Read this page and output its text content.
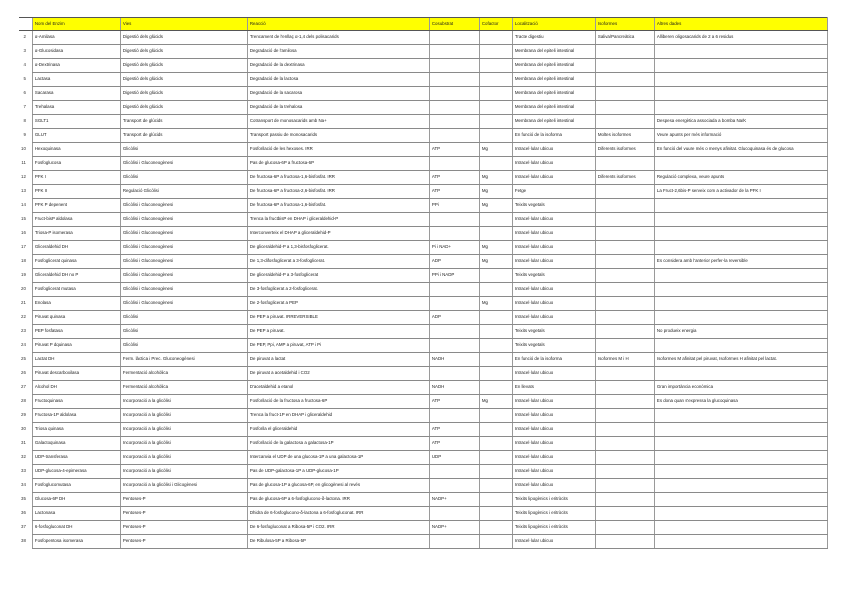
	Nom del Enzim	Vies	Reacció	Cosubstrat	Cofactor	Localització	Isoformes	Altres dades
2	α-Amilasa	Digestió dels glúcids	Trencament de l'enllaç α-1,4 dels polisacarids			Tracte digestiu	Saliva/Pancreàtica	Alliberen oligosacarids de 2 a 6 residus
3	α-Glucosidasa	Digestió dels glúcids	Degradació de l'amilosa			Membrana del epiteli intestinal		
4	α-Dextrinasa	Digestió dels glúcids	Degradació de la dextrinasa			Membrana del epiteli intestinal		
5	Lactasa	Digestió dels glúcids	Degradació de la lactosa			Membrana del epiteli intestinal		
6	Sacarasa	Digestió dels glúcids	Degradació de la sacarosa			Membrana del epiteli intestinal		
7	Trehalasa	Digestió dels glúcids	Degradació de la trehalosa			Membrana del epiteli intestinal		
8	SGLT1	Transport de glúcids	Cotransport de monosacarids amb Na+			Membrana del epiteli intestinal		Despesa energètica associada a bomba Na/K
9	GLUT	Transport de glúcids	Transport passiu de monosacarids			En funció de la isoforma	Moltes isoformes	Veure apunts per més informació
10	Hexoquinasa	Glicòlisi	Fosforilació de les hexoses. IRR	ATP	Mg	Intracel·lular ubicuo	Diferents isoformes	En funció del vuure més o menys afinitat. Glucoquinasa és de glucosa
11	Fosfoglucosa	Glicòlisi i Gluconeogènesi	Pas de glucosa-6P a fructosa-6P			Intracel·lular ubicuo		
12	PFK I	Glicòlisi	De fructosa-6P a fructosa-1,6-bisfosfat. IRR	ATP	Mg	Intracel·lular ubicuo	Diferents isoformes	Regulació complexa, veure apunts
13	PFK II	Regulació Glicòlisi	De fructosa-6P a fructosa-2,6-bisfosfat. IRR	ATP	Mg	Fetge		La Fruct-2,6bis-P serveix com a activador de la PFK I
14	PFK P depenent	Glicòlisi i Gluconeogènesi	De fructosa-6P a fructosa-1,6-bisfosfat.	PPi	Mg	Teixits vegetals		
15	Fruct-bisP aldolasa	Glicòlisi i Gluconeogènesi	Trenca la fructbisP en DHAP i gliceraldehid-P			Intracel·lular ubicuo		
16	Triosa-P isomerasa	Glicòlisi i Gluconeogènesi	Interconverteix el DHAP a gliceraldehid-P			Intracel·lular ubicuo		
17	Gliceraldehid DH	Glicòlisi i Gluconeogènesi	De gliceraldehid-P a 1,3-bisfosfoglicerat.	Pi i NAD+	Mg	Intracel·lular ubicuo		
18	Fosfoglicerat quinasa	Glicòlisi i Gluconeogènesi	De 1,3-difosfoglicerat a 3-fosfoglicerat.	ADP	Mg	Intracel·lular ubicuo		Es considera amb l'anterior perfer-la reversible
19	Gliceraldehid DH no P	Glicòlisi i Gluconeogènesi	De gliceraldehid-P a 3-fosfoglicerat	PPi i NADP		Teixits vegetals		
20	Fosfoglicerat mutasa	Glicòlisi i Gluconeogènesi	De 3-fosfoglicerat a 2-fosfoglicerat.			Intracel·lular ubicuo		
21	Enolasa	Glicòlisi i Gluconeogènesi	De 2-fosfoglicerat a PEP		Mg	Intracel·lular ubicuo		
22	Piruvat quinasa	Glicòlisi	De PEP a piruvat. IRREVERSIBLE	ADP		Intracel·lular ubicuo		
23	PEP fosfatasa	Glicòlisi	De PEP a piruvat.			Teixits vegetals		No produeix energia
24	Piruvat P dquinasa	Glicòlisi	De PEP, Ppi, AMP a piruvat, ATP i Pi			Teixits vegetals		
25	Lactat DH	Ferm. làctica i Prec. Gluconeogènesi	De piruvat a lactat	NADH		En funció de la isoforma	Isoformes M i H	Isoformes M afinitat pel piruvat, Isoformes H afinitat pel lactat.
26	Piruvat descarboxilasa	Fermentació alcohòlica	De piruvat a acetaldehid i CO2			Intracel·lular ubicuo		
27	Alcohol DH	Fermentació alcohòlica	D'acetaldehid a etanol	NADH		En llevats		Gran importància econòmica
28	Fructoquinasa	Incorporació a la glicòlisi	Fosforilació de la fructosa a fructosa-6P	ATP	Mg	Intracel·lular ubicuo		Es dona quan s'expressa la glucoquinasa
29	Fructosa-1P aldolasa	Incorporació a la glicòlisi	Trenca la fruct-1P en DHAP i gliceraldehid			Intracel·lular ubicuo		
30	Triosa quinasa	Incorporació a la glicòlisi	Fosforila el gliceraldehid	ATP		Intracel·lular ubicuo		
31	Galactoquinasa	Incorporació a la glicòlisi	Fosforilació de la galactosa a galactosa-1P	ATP		Intracel·lular ubicuo		
32	UDP-transferasa	Incorporació a la glicòlisi	Intercanvia el UDP de una glucosa-1P a una galactosa-1P	UDP		Intracel·lular ubicuo		
33	UDP-glucosa-4-epimerasa	Incorporació a la glicòlisi	Pas de UDP-galactosa-1P a UDP-glucosa-1P			Intracel·lular ubicuo		
34	Fosfoglucomutasa	Incorporació a la glicòlisi i Glicogènesi	Pas de glucosa-1P a glucosa-6P, en glicogènesi al revés			Intracel·lular ubicuo		
35	Glucosa-6P DH	Pentoses-P	Pas de glucosa-6P a 6-fosfoglucono-δ-lactona. IRR	NADP+		Teixits lipogènics i eritròcits		
36	Lactonasa	Pentoses-P	Dhidra de 6-fosfoglucono-δ-lactona a 6-fosfogluconat. IRR			Teixits lipogènics i eritròcits		
37	6-fosfogluconat DH	Pentoses-P	De 6-fosfogluconat a Ribosa-5P i CO2. IRR	NADP+		Teixits lipogènics i eritròcits		
38	Fosfopentosa isomerasa	Pentoses-P	De Ribulosa-5P a Ribosa-5P			Intracel·lular ubicuo		
